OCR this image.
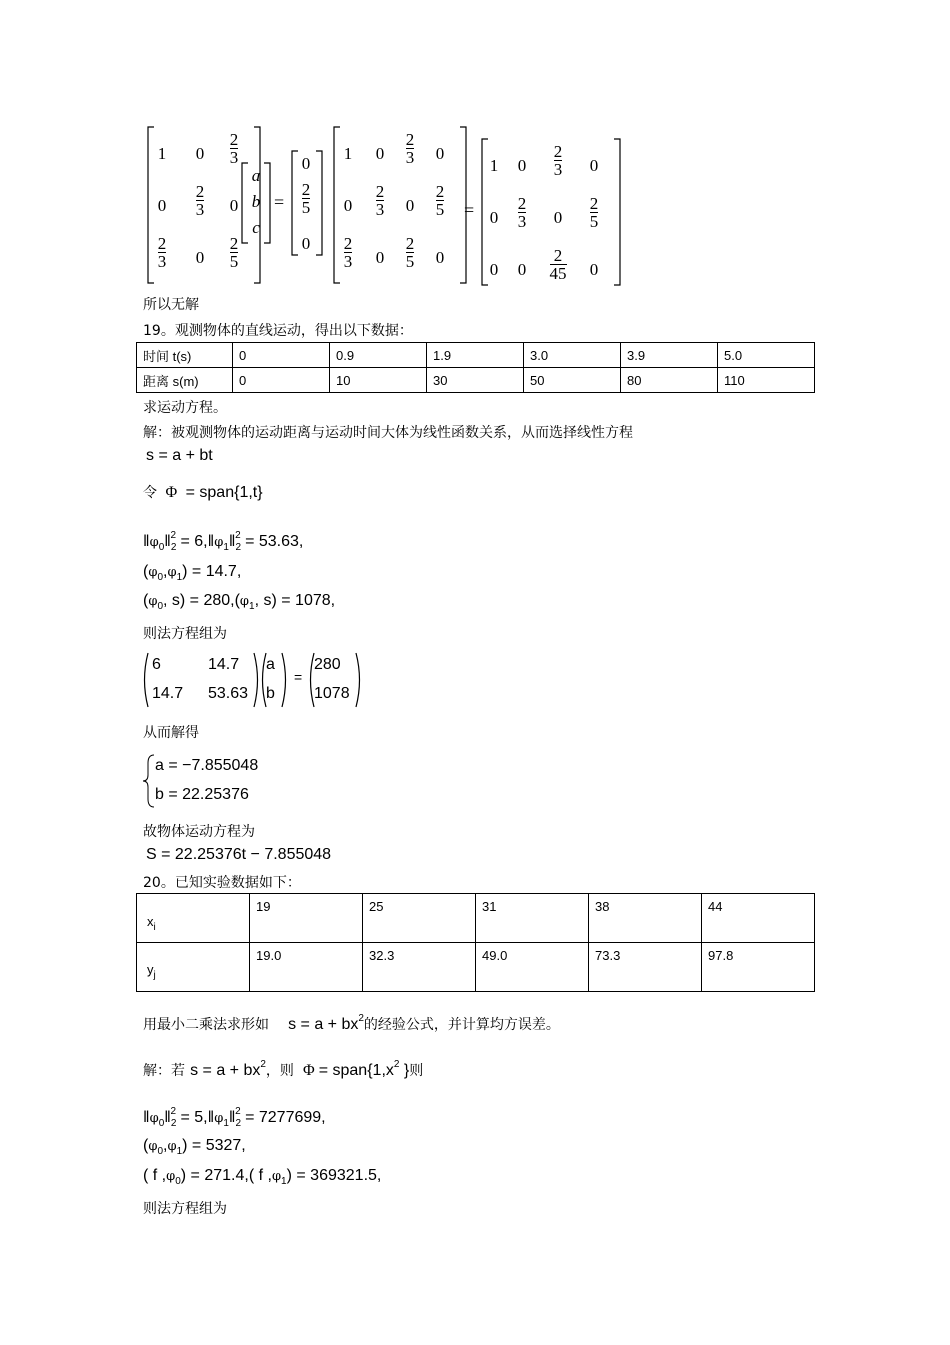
1	0	$\frac{2}{3}$
0	$\frac{2}{3}$	0
$\frac{2}{3}$	0	$\frac{2}{5}$
a
b
c
=
0
$\frac{2}{5}$
0
1	0	$\frac{2}{3}$	0
0	$\frac{2}{3}$	0	$\frac{2}{5}$
$\frac{2}{3}$	0	$\frac{2}{5}$	0
=
1	0	$\frac{2}{3}$	0
0	$\frac{2}{3}$	0	$\frac{2}{5}$
0	0	$\frac{2}{45}$	0
所以无解
19。观测物体的直线运动，得出以下数据：
时间 t(s)	0	0.9	1.9	3.0	3.9	5.0
距离 s(m)	0	10	30	50	80	110
求运动方程。
解：被观测物体的运动距离与运动时间大体为线性函数关系，从而选择线性方程
s = a + bt
令  Φ  = span{1,t}
$‖\varphi_0‖_2^2$ = $6,‖\varphi_1‖_2^2 = 53.63$,
$(\varphi_0,\varphi_1) = 14.7$,
($\varphi_0$, $s) = 280,(\varphi_1$, s) = 1078,
则法方程组为
6	14.7
14.7 53.63
a
b
=
280
1078
从而解得
a = −7.855048
b = 22.25376
故物体运动方程为
S = 22.25376t − 7.855048
20。已知实验数据如下：
$x_i$	19	25	31	38	44
$y_j$	19.0	32.3	49.0	73.3	97.8
用最小二乘法求形如 $s = a + bx^2$的经验公式，并计算均方误差。
解：若 $s = a + bx^2$，则  $\Phi = span\{1,x^2$ }则
$‖\varphi_0‖_2^2$ = $5,‖\varphi_1‖_2^2 = 7277699$,
$(\varphi_0,\varphi_1) = 5327$,
( f $,\varphi_0) = 271.4$,( f $,\varphi_1) = 369321.5$,
则法方程组为
